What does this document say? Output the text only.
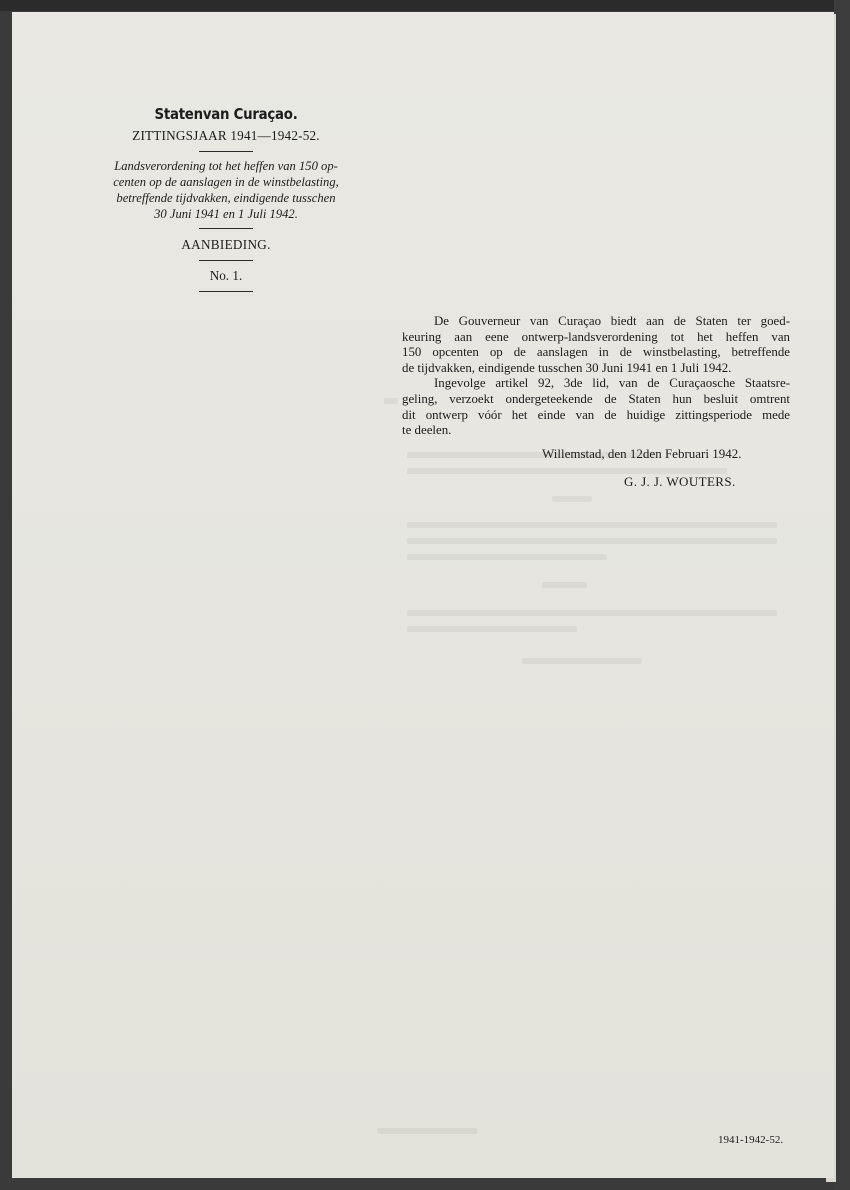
Statenvan Curaçao.

ZITTINGSJAAR 1941—1942-52.

Landsverordening tot het heffen van 150 op-
centen op de aanslagen in de winstbelasting,
betreffende tijdvakken, eindigende tusschen
30 Juni 1941 en 1 Juli 1942.

AANBIEDING.

No. 1.

De Gouverneur van Curaçao biedt aan de Staten ter goed-
keuring aan eene ontwerp-landsverordening tot het heffen van
150 opcenten op de aanslagen in de winstbelasting, betreffende
de tijdvakken, eindigende tusschen 30 Juni 1941 en 1 Juli 1942.

Ingevolge artikel 92, 3de lid, van de Curaçaosche Staatsre-
geling, verzoekt ondergeteekende de Staten hun besluit omtrent
dit ontwerp vóór het einde van de huidige zittingsperiode mede
te deelen.

Willemstad, den 12den Februari 1942.
G. J. J. WOUTERS.
1941-1942-52.
